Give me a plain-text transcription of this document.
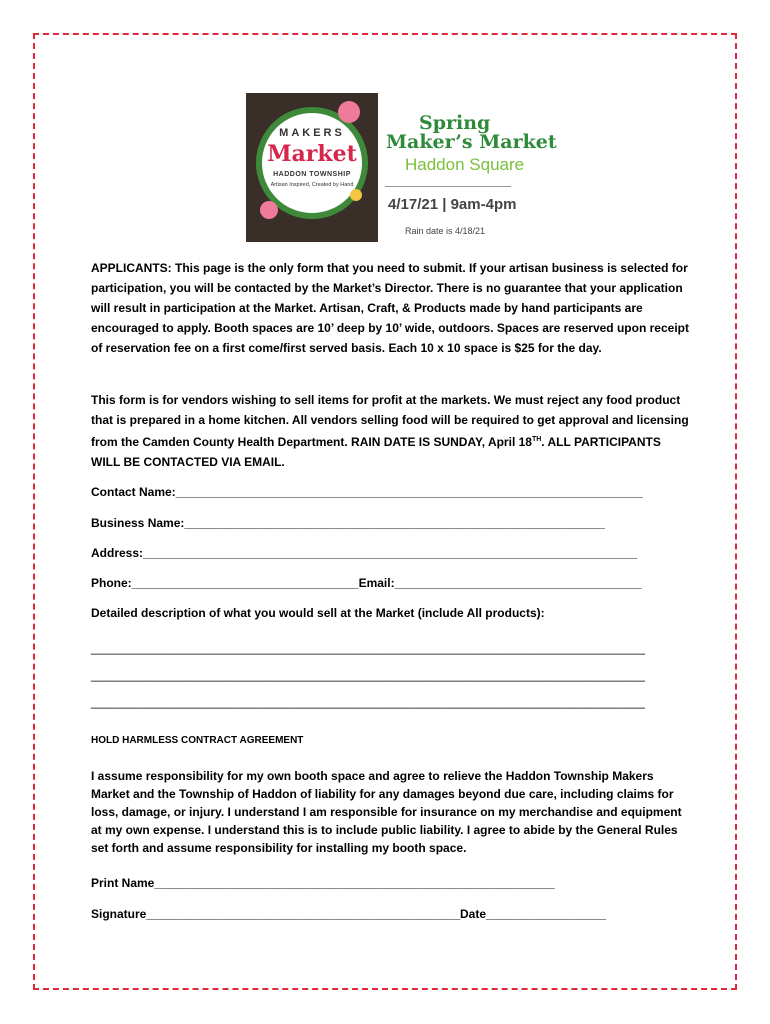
MAKERS
Market
HADDON TOWNSHIP
Artisan Inspired, Created by Hand
Spring
Maker’s Market
Haddon Square
4/17/21 | 9am-4pm
Rain date is 4/18/21

APPLICANTS: This page is the only form that you need to submit. If your artisan business is selected for participation, you will be contacted by the Market’s Director. There is no guarantee that your application will result in participation at the Market. Artisan, Craft, & Products made by hand participants are encouraged to apply. Booth spaces are 10’ deep by 10’ wide, outdoors. Spaces are reserved upon receipt of reservation fee on a first come/first served basis. Each 10 x 10 space is $25 for the day.

This form is for vendors wishing to sell items for profit at the markets. We must reject any food product that is prepared in a home kitchen. All vendors selling food will be required to get approval and licensing from the Camden County Health Department. RAIN DATE IS SUNDAY, April 18TH. ALL PARTICIPANTS WILL BE CONTACTED VIA EMAIL.

Contact Name:______________________________________________________________________
Business Name:_______________________________________________________________
Address:__________________________________________________________________________
Phone:__________________________________Email:_____________________________________
Detailed description of what you would sell at the Market (include All products):
___________________________________________________________________________________
___________________________________________________________________________________
___________________________________________________________________________________
HOLD HARMLESS CONTRACT AGREEMENT

I assume responsibility for my own booth space and agree to relieve the Haddon Township Makers Market and the Township of Haddon of liability for any damages beyond due care, including claims for loss, damage, or injury. I understand I am responsible for insurance on my merchandise and equipment at my own expense. I understand this is to include public liability. I agree to abide by the General Rules set forth and assume responsibility for installing my booth space.

Print Name____________________________________________________________
Signature_______________________________________________Date__________________
